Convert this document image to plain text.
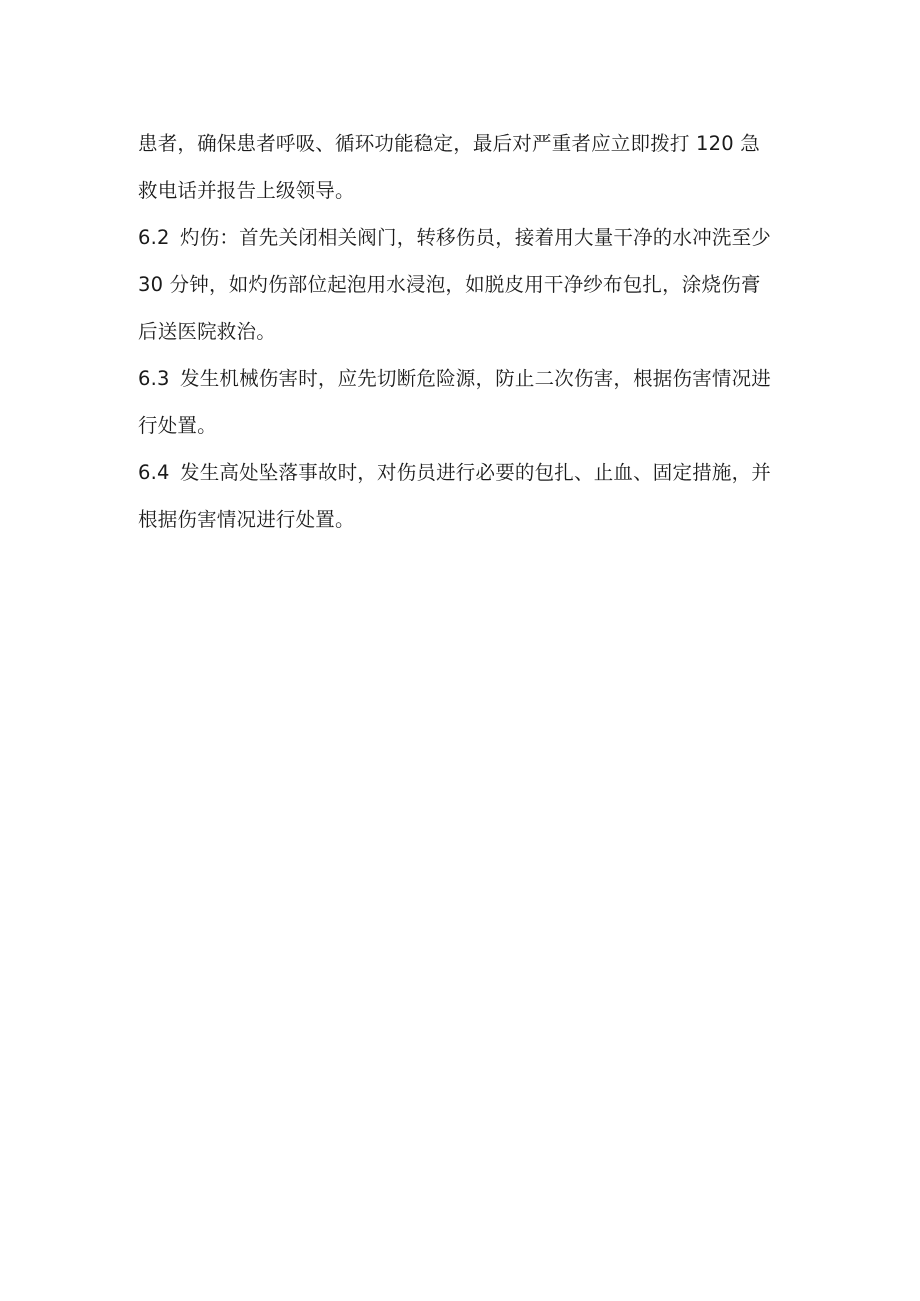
患者，确保患者呼吸、循环功能稳定，最后对严重者应立即拨打 120 急
救电话并报告上级领导。
6.2 灼伤：首先关闭相关阀门，转移伤员，接着用大量干净的水冲洗至少
30 分钟，如灼伤部位起泡用水浸泡，如脱皮用干净纱布包扎，涂烧伤膏
后送医院救治。
6.3 发生机械伤害时，应先切断危险源，防止二次伤害，根据伤害情况进
行处置。
6.4 发生高处坠落事故时，对伤员进行必要的包扎、止血、固定措施，并
根据伤害情况进行处置。
